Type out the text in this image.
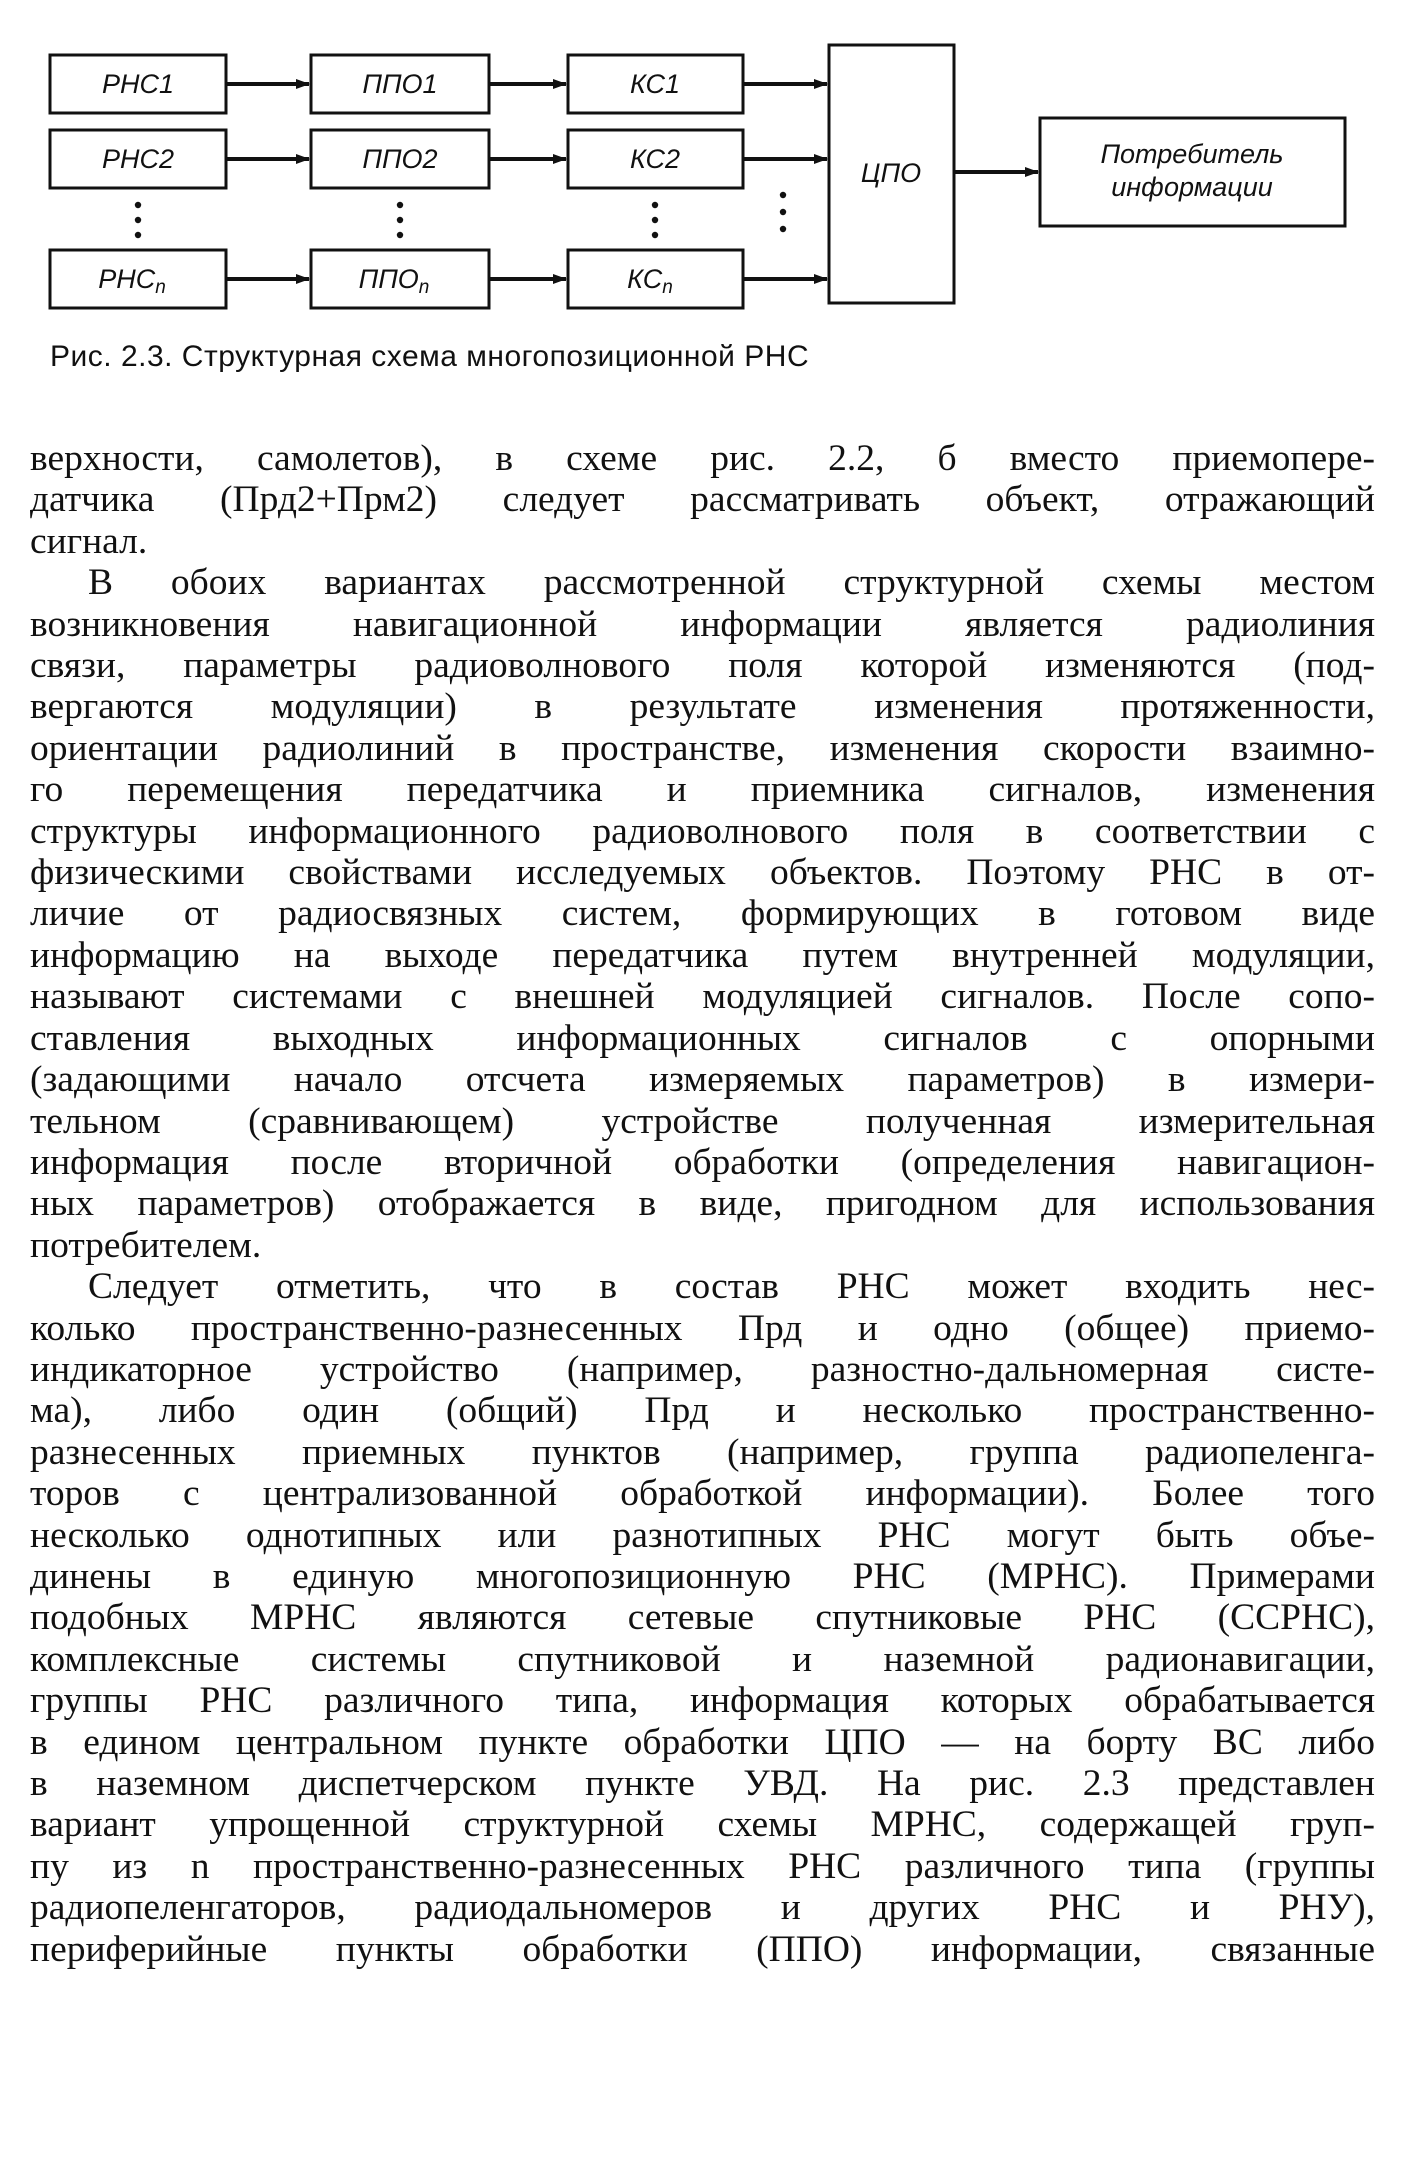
РНС1
РНС2
РНСn
ППО1
ППО2
ППОn
КС1
КС2
КСn
ЦПО
Потребитель
информации
Рис. 2.3. Структурная схема многопозиционной РНС
верхности, самолетов), в схеме рис. 2.2, б вместо приемопере-
датчика (Прд2+Прм2) следует рассматривать объект, отражающий
сигнал.
В обоих вариантах рассмотренной структурной схемы местом
возникновения навигационной информации является радиолиния
связи, параметры радиоволнового поля которой изменяются (под-
вергаются модуляции) в результате изменения протяженности,
ориентации радиолиний в пространстве, изменения скорости взаимно-
го перемещения передатчика и приемника сигналов, изменения
структуры информационного радиоволнового поля в соответствии с
физическими свойствами исследуемых объектов. Поэтому РНС в от-
личие от радиосвязных систем, формирующих в готовом виде
информацию на выходе передатчика путем внутренней модуляции,
называют системами с внешней модуляцией сигналов. После сопо-
ставления выходных информационных сигналов с опорными
(задающими начало отсчета измеряемых параметров) в измери-
тельном (сравнивающем) устройстве полученная измерительная
информация после вторичной обработки (определения навигацион-
ных параметров) отображается в виде, пригодном для использования
потребителем.
Следует отметить, что в состав РНС может входить нес-
колько пространственно-разнесенных Прд и одно (общее) приемо-
индикаторное устройство (например, разностно-дальномерная систе-
ма), либо один (общий) Прд и несколько пространственно-
разнесенных приемных пунктов (например, группа радиопеленга-
торов с централизованной обработкой информации). Более того
несколько однотипных или разнотипных РНС могут быть объе-
динены в единую многопозиционную РНС (МРНС). Примерами
подобных МРНС являются сетевые спутниковые РНС (ССРНС),
комплексные системы спутниковой и наземной радионавигации,
группы РНС различного типа, информация которых обрабатывается
в едином центральном пункте обработки ЦПО — на борту ВС либо
в наземном диспетчерском пункте УВД. На рис. 2.3 представлен
вариант упрощенной структурной схемы МРНС, содержащей груп-
пу из n пространственно-разнесенных РНС различного типа (группы
радиопеленгаторов, радиодальномеров и других РНС и РНУ),
периферийные пункты обработки (ППО) информации, связанные
